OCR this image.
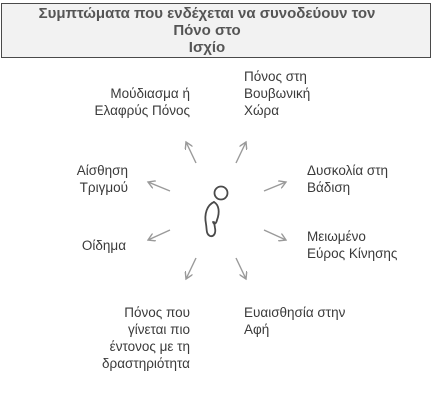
Συμπτώματα που ενδέχεται να συνοδεύουν τον Πόνο στο
Ισχίο
Μούδιασμα ή
Ελαφρύς Πόνος
Πόνος στη
Βουβωνική
Χώρα
Αίσθηση
Τριγμού
Δυσκολία στη
Βάδιση
Οίδημα
Μειωμένο
Εύρος Κίνησης
Πόνος που
γίνεται πιο
έντονος με τη
δραστηριότητα
Ευαισθησία στην
Αφή
